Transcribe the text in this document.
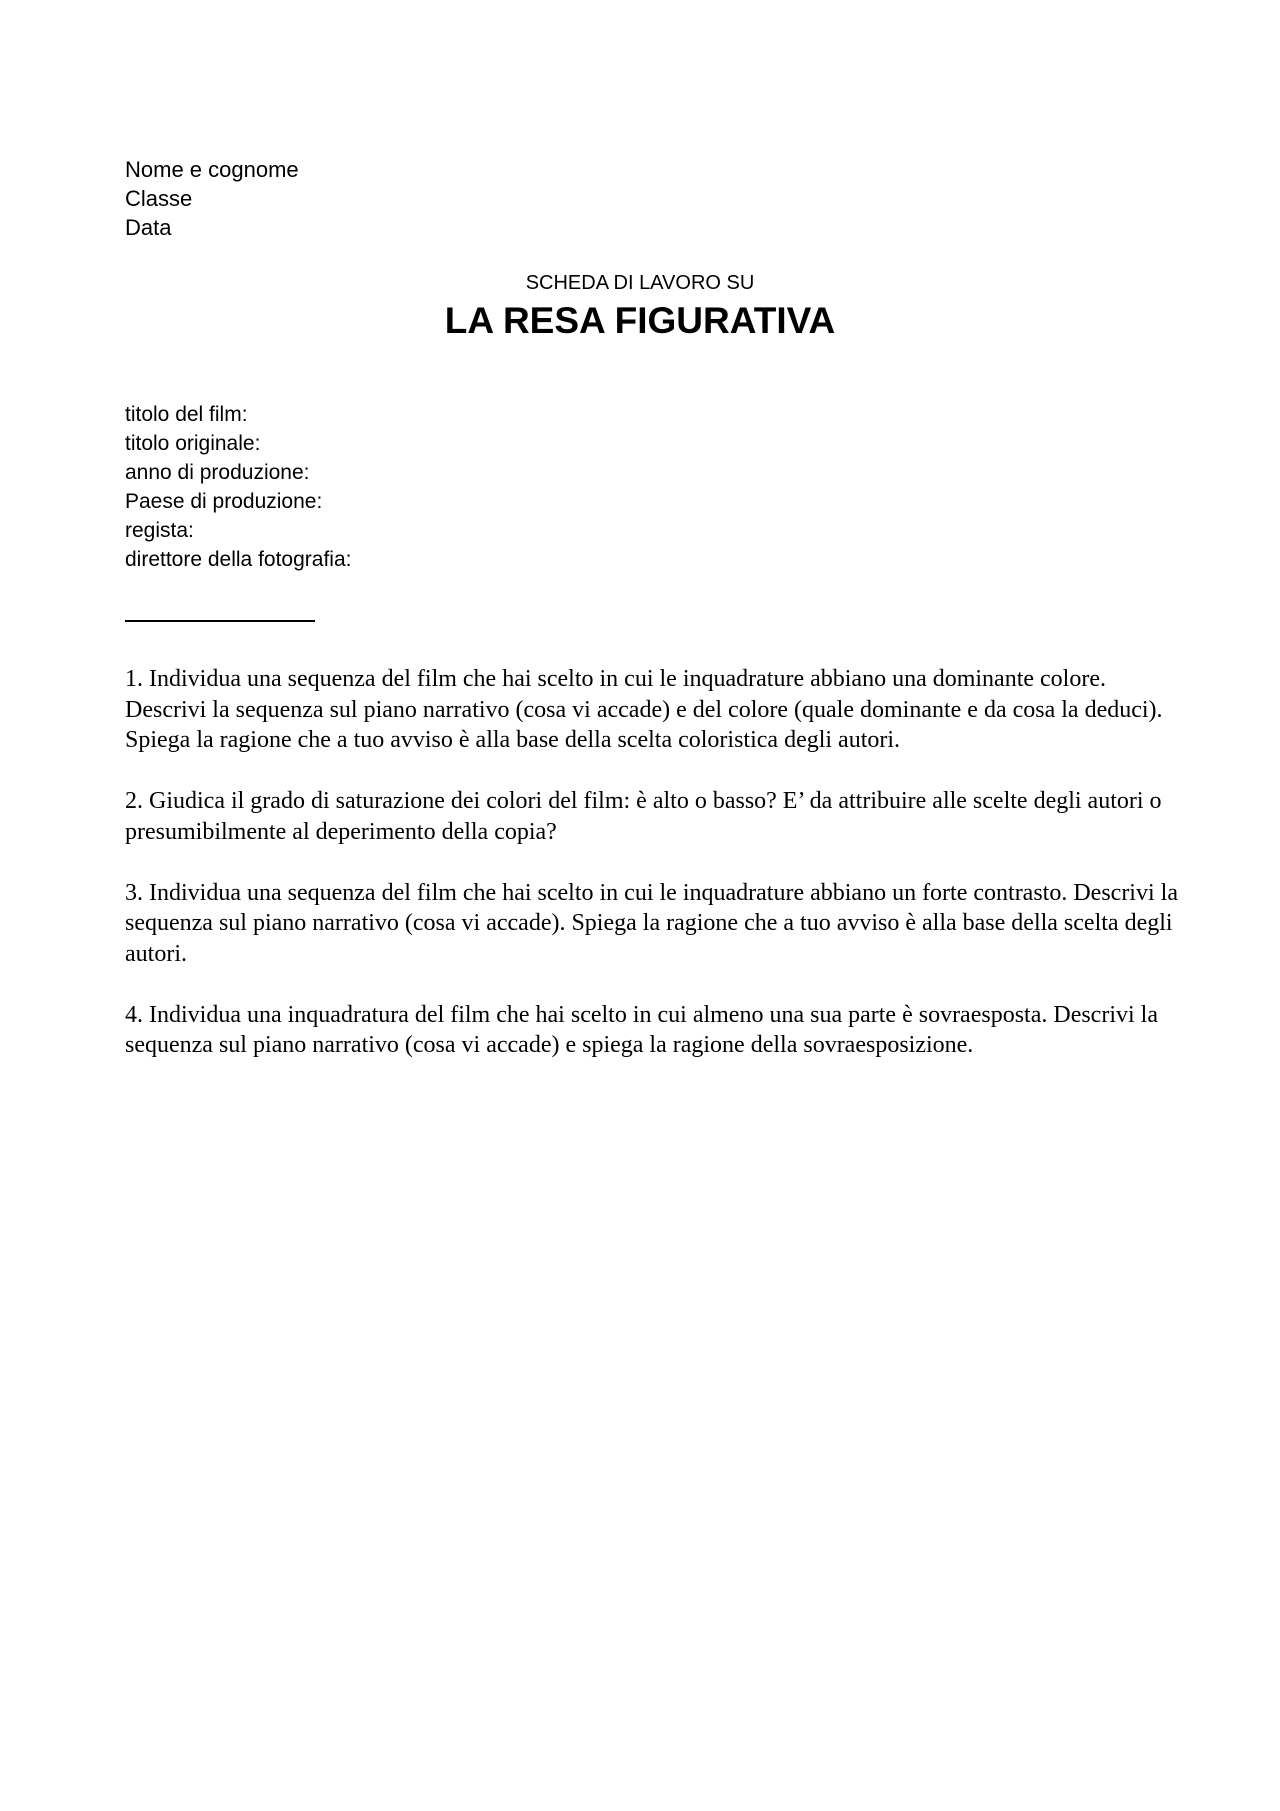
Nome e cognome
Classe
Data
SCHEDA DI LAVORO SU
LA RESA FIGURATIVA
titolo del film:
titolo originale:
anno di produzione:
Paese di produzione:
regista:
direttore della fotografia:

1. Individua una sequenza del film che hai scelto in cui le inquadrature abbiano una dominante colore. Descrivi la sequenza sul piano narrativo (cosa vi accade) e del colore (quale dominante e da cosa la deduci). Spiega la ragione che a tuo avviso è alla base della scelta coloristica degli autori.

2. Giudica il grado di saturazione dei colori del film: è alto o basso? E’ da attribuire alle scelte degli autori o presumibilmente al deperimento della copia?

3. Individua una sequenza del film che hai scelto in cui le inquadrature abbiano un forte contrasto. Descrivi la sequenza sul piano narrativo (cosa vi accade). Spiega la ragione che a tuo avviso è alla base della scelta degli autori.

4. Individua una inquadratura del film che hai scelto in cui almeno una sua parte è sovraesposta. Descrivi la sequenza sul piano narrativo (cosa vi accade) e spiega la ragione della sovraesposizione.
